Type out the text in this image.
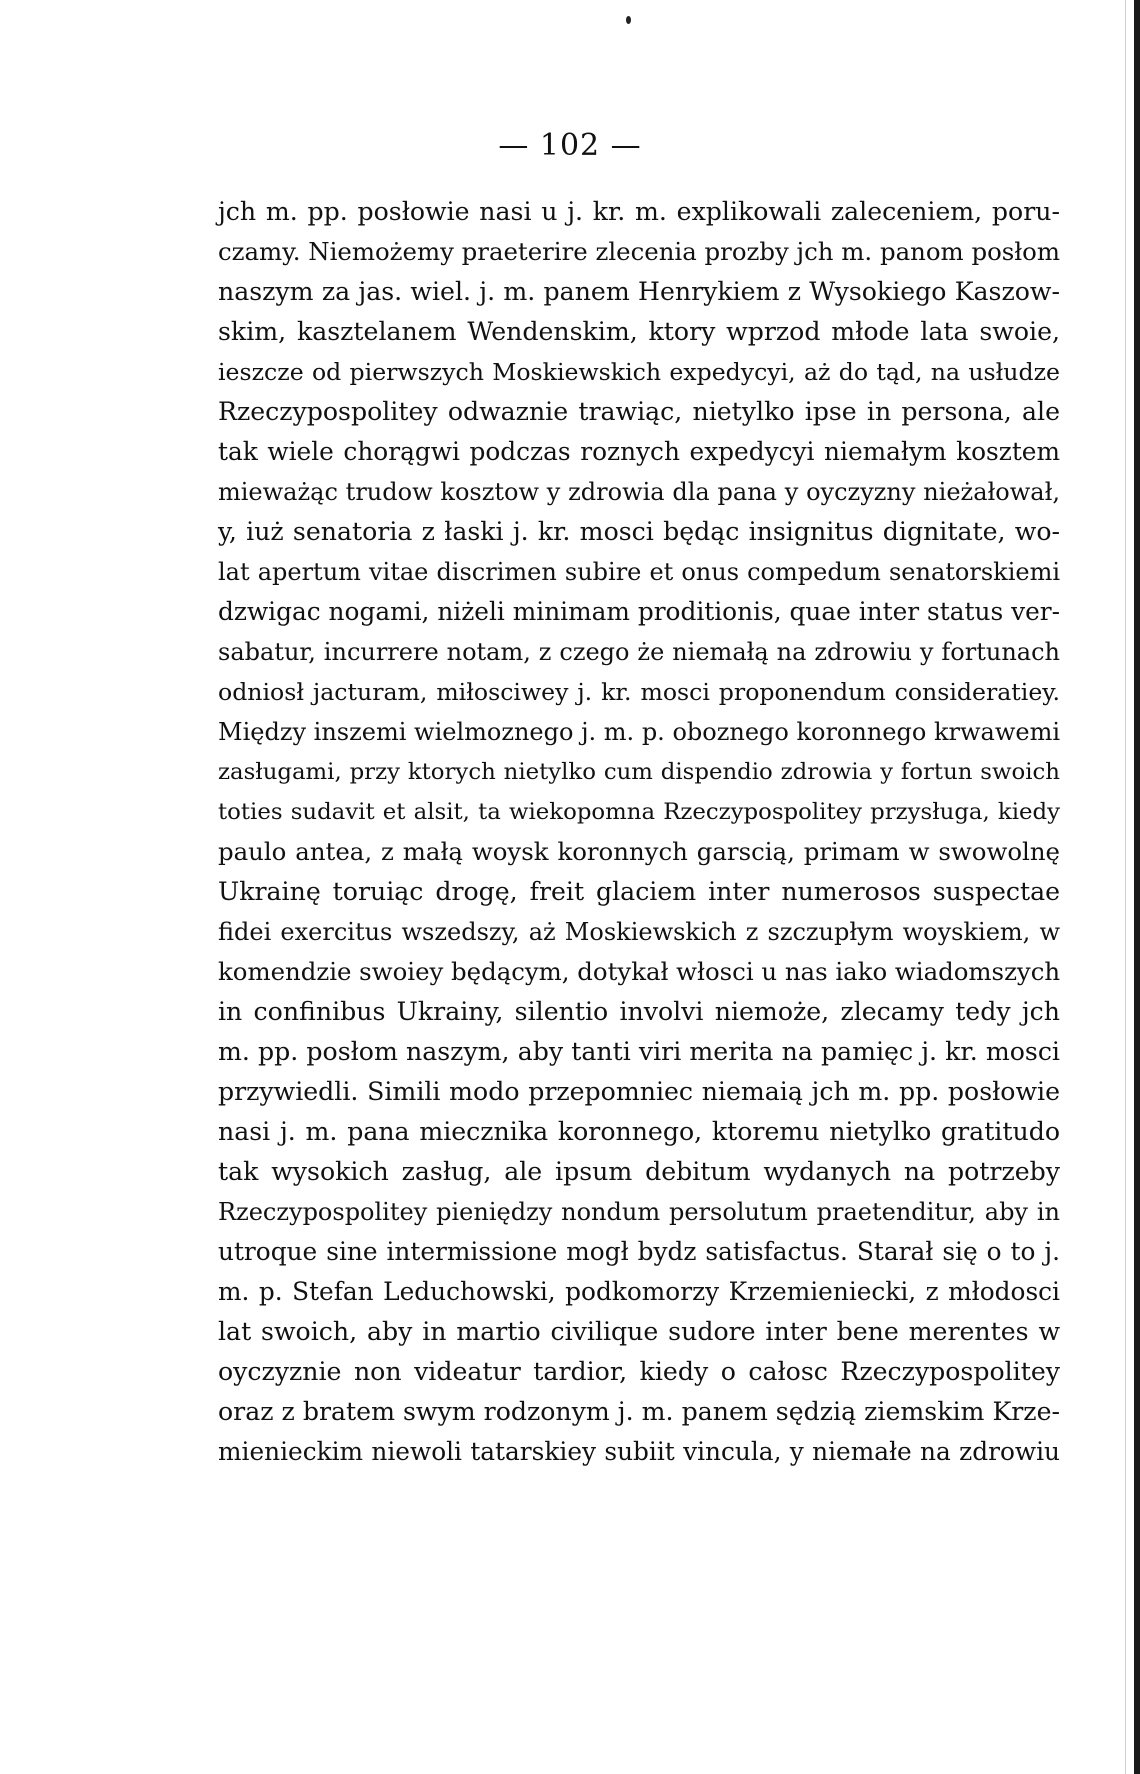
— 102 —
jch m. pp. posłowie nasi u j. kr. m. explikowali zaleceniem, poru-
czamy. Niemożemy praeterire zlecenia prozby jch m. panom posłom
naszym za jas. wiel. j. m. panem Henrykiem z Wysokiego Kaszow-
skim, kasztelanem Wendenskim, ktory wprzod młode lata swoie,
ieszcze od pierwszych Moskiewskich expedycyi, aż do tąd, na usłudze
Rzeczypospolitey odwaznie trawiąc, nietylko ipse in persona, ale
tak wiele chorągwi podczas roznych expedycyi niemałym kosztem
mieważąc trudow kosztow y zdrowia dla pana y oyczyzny nieżałował,
y, iuż senatoria z łaski j. kr. mosci będąc insignitus dignitate, wo-
lat apertum vitae discrimen subire et onus compedum senatorskiemi
dzwigac nogami, niżeli minimam proditionis, quae inter status ver-
sabatur, incurrere notam, z czego że niemałą na zdrowiu y fortunach
odniosł jacturam, miłosciwey j. kr. mosci proponendum consideratiey.
Między inszemi wielmoznego j. m. p. oboznego koronnego krwawemi
zasługami, przy ktorych nietylko cum dispendio zdrowia y fortun swoich
toties sudavit et alsit, ta wiekopomna Rzeczypospolitey przysługa, kiedy
paulo antea, z małą woysk koronnych garscią, primam w swowolnę
Ukrainę toruiąc drogę, freit glaciem inter numerosos suspectae
fidei exercitus wszedszy, aż Moskiewskich z szczupłym woyskiem, w
komendzie swoiey będącym, dotykał włosci u nas iako wiadomszych
in confinibus Ukrainy, silentio involvi niemoże, zlecamy tedy jch
m. pp. posłom naszym, aby tanti viri merita na pamięc j. kr. mosci
przywiedli. Simili modo przepomniec niemaią jch m. pp. posłowie
nasi j. m. pana miecznika koronnego, ktoremu nietylko gratitudo
tak wysokich zasług, ale ipsum debitum wydanych na potrzeby
Rzeczypospolitey pieniędzy nondum persolutum praetenditur, aby in
utroque sine intermissione mogł bydz satisfactus. Starał się o to j.
m. p. Stefan Leduchowski, podkomorzy Krzemieniecki, z młodosci
lat swoich, aby in martio civilique sudore inter bene merentes w
oyczyznie non videatur tardior, kiedy o całosc Rzeczypospolitey
oraz z bratem swym rodzonym j. m. panem sędzią ziemskim Krze-
mienieckim niewoli tatarskiey subiit vincula, y niemałe na zdrowiu
